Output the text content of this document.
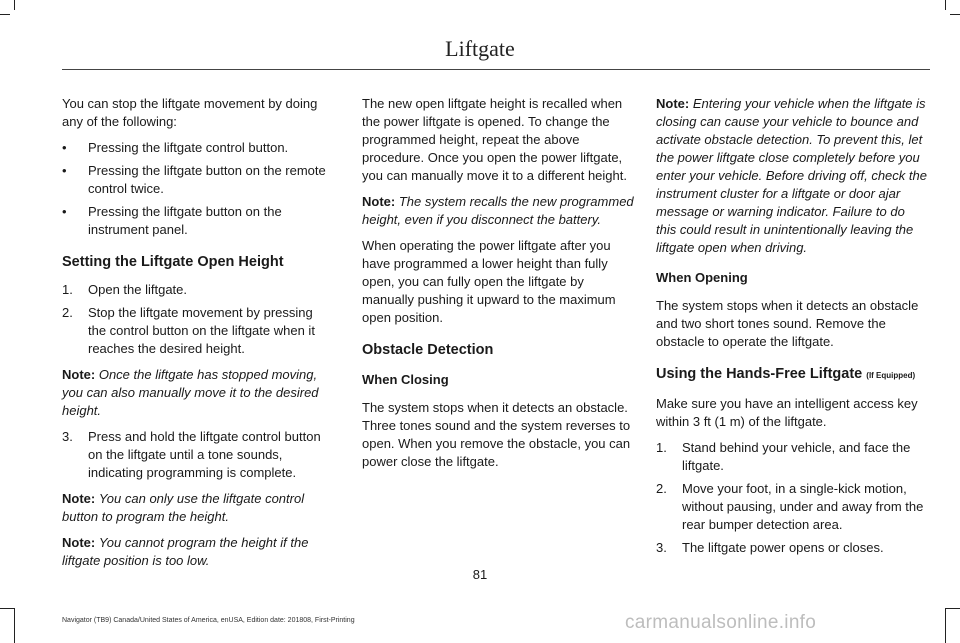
Liftgate

You can stop the liftgate movement by doing any of the following:

• Pressing the liftgate control button.
• Pressing the liftgate button on the remote control twice.
• Pressing the liftgate button on the instrument panel.
Setting the Liftgate Open Height
1. Open the liftgate.
2. Stop the liftgate movement by pressing the control button on the liftgate when it reaches the desired height.

Note: Once the liftgate has stopped moving, you can also manually move it to the desired height.

3. Press and hold the liftgate control button on the liftgate until a tone sounds, indicating programming is complete.

Note: You can only use the liftgate control button to program the height.

Note: You cannot program the height if the liftgate position is too low.

The new open liftgate height is recalled when the power liftgate is opened. To change the programmed height, repeat the above procedure. Once you open the power liftgate, you can manually move it to a different height.

Note: The system recalls the new programmed height, even if you disconnect the battery.

When operating the power liftgate after you have programmed a lower height than fully open, you can fully open the liftgate by manually pushing it upward to the maximum open position.

Obstacle Detection
When Closing

The system stops when it detects an obstacle. Three tones sound and the system reverses to open. When you remove the obstacle, you can power close the liftgate.

Note: Entering your vehicle when the liftgate is closing can cause your vehicle to bounce and activate obstacle detection. To prevent this, let the power liftgate close completely before you enter your vehicle. Before driving off, check the instrument cluster for a liftgate or door ajar message or warning indicator. Failure to do this could result in unintentionally leaving the liftgate open when driving.

When Opening

The system stops when it detects an obstacle and two short tones sound. Remove the obstacle to operate the liftgate.

Using the Hands-Free Liftgate (If Equipped)

Make sure you have an intelligent access key within 3 ft (1 m) of the liftgate.

1. Stand behind your vehicle, and face the liftgate.
2. Move your foot, in a single-kick motion, without pausing, under and away from the rear bumper detection area.
3. The liftgate power opens or closes.
81
Navigator (TB9) Canada/United States of America, enUSA, Edition date: 201808, First-Printing	carmanualsonline.info
